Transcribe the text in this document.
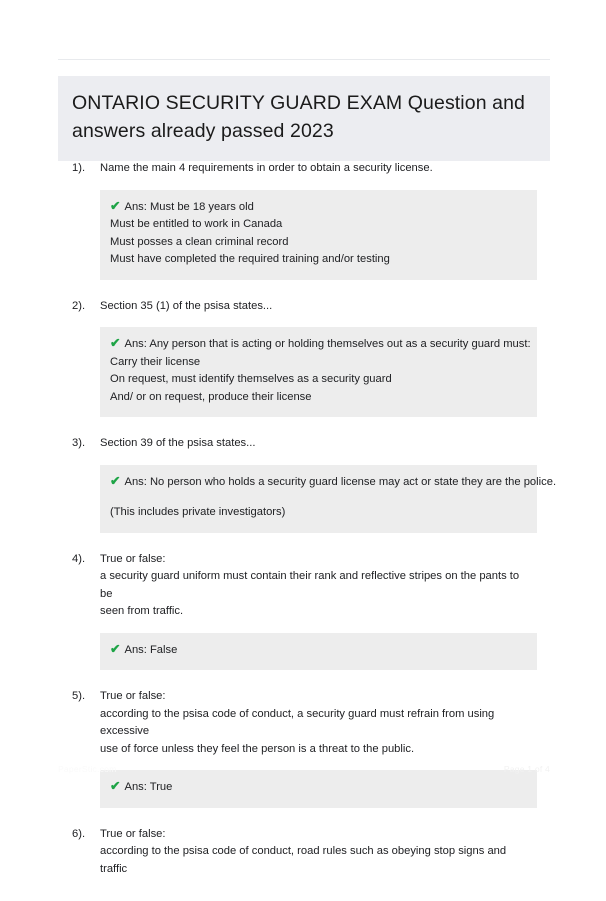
ONTARIO SECURITY GUARD EXAM Question and answers already passed 2023
1).	Name the main 4 requirements in order to obtain a security license.

✔ Ans: Must be 18 years old
Must be entitled to work in Canada
Must posses a clean criminal record
Must have completed the required training and/or testing
2).	Section 35 (1) of the psisa states...

✔ Ans: Any person that is acting or holding themselves out as a security guard must:
Carry their license
On request, must identify themselves as a security guard
And/ or on request, produce their license
3).	Section 39 of the psisa states...

✔ Ans: No person who holds a security guard license may act or state they are the police.
(This includes private investigators)
4).	True or false:
a security guard uniform must contain their rank and reflective stripes on the pants to be
seen from traffic.

✔ Ans: False
5).	True or false:
according to the psisa code of conduct, a security guard must refrain from using excessive
use of force unless they feel the person is a threat to the public.

✔ Ans: True
6).	True or false:
according to the psisa code of conduct, road rules such as obeying stop signs and traffic

PaperStic.com	Page 1 of 4
